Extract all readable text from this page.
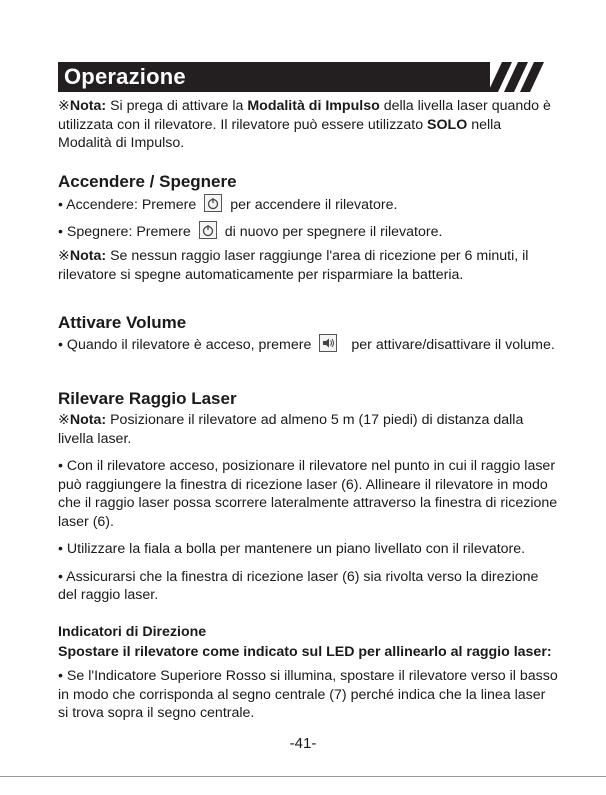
Operazione

※Nota: Si prega di attivare la Modalità di Impulso della livella laser quando è utilizzata con il rilevatore. Il rilevatore può essere utilizzato SOLO nella Modalità di Impulso.

Accendere / Spegnere

• Accendere: Premere per accendere il rilevatore.

• Spegnere: Premere di nuovo per spegnere il rilevatore.

※Nota: Se nessun raggio laser raggiunge l'area di ricezione per 6 minuti, il rilevatore si spegne automaticamente per risparmiare la batteria.

Attivare Volume

• Quando il rilevatore è acceso, premere	per attivare/disattivare il volume.

Rilevare Raggio Laser

※Nota: Posizionare il rilevatore ad almeno 5 m (17 piedi) di distanza dalla livella laser.

• Con il rilevatore acceso, posizionare il rilevatore nel punto in cui il raggio laser può raggiungere la finestra di ricezione laser (6). Allineare il rilevatore in modo che il raggio laser possa scorrere lateralmente attraverso la finestra di ricezione laser (6).

• Utilizzare la fiala a bolla per mantenere un piano livellato con il rilevatore.

• Assicurarsi che la finestra di ricezione laser (6) sia rivolta verso la direzione del raggio laser.

Indicatori di Direzione
Spostare il rilevatore come indicato sul LED per allinearlo al raggio laser:

• Se l'Indicatore Superiore Rosso si illumina, spostare il rilevatore verso il basso in modo che corrisponda al segno centrale (7) perché indica che la linea laser si trova sopra il segno centrale.

-41-
